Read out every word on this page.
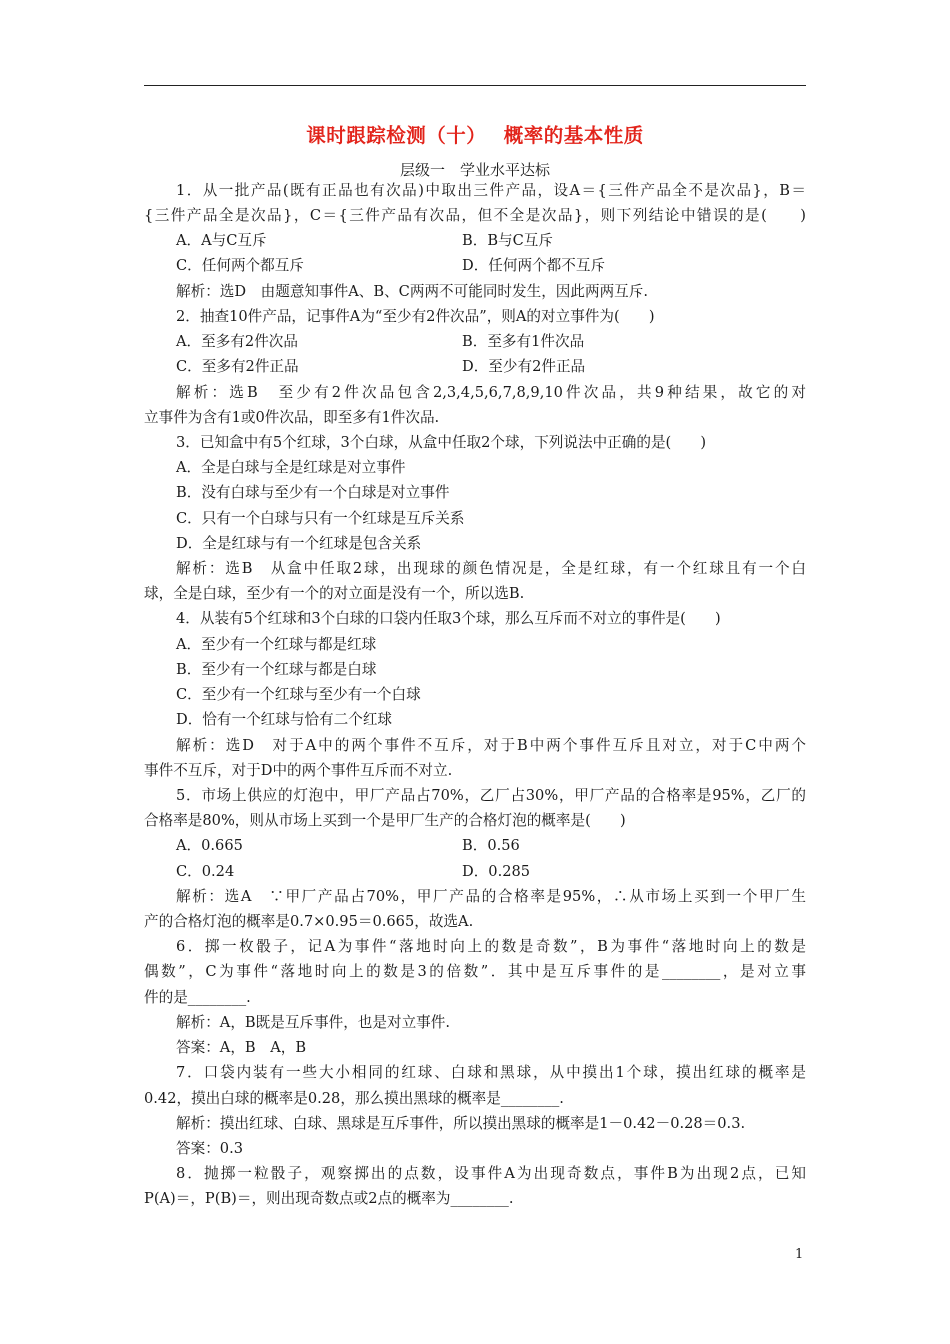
课时跟踪检测（十）　 概率的基本性质
层级一　学业水平达标
1．从一批产品(既有正品也有次品)中取出三件产品，设A＝{三件产品全不是次品}，B＝
{三件产品全是次品}，C＝{三件产品有次品，但不全是次品}，则下列结论中错误的是(　　)
A．A与C互斥	B．B与C互斥
C．任何两个都互斥	D．任何两个都不互斥
解析：选D　由题意知事件A、B、C两两不可能同时发生，因此两两互斥.
2．抽查10件产品，记事件A为“至少有2件次品”，则A的对立事件为(　　)
A．至多有2件次品	B．至多有1件次品
C．至多有2件正品	D．至少有2件正品
解析：选B　至少有2件次品包含2,3,4,5,6,7,8,9,10件次品，共9种结果，故它的对
立事件为含有1或0件次品，即至多有1件次品.
3．已知盒中有5个红球，3个白球，从盒中任取2个球，下列说法中正确的是(　　)
A．全是白球与全是红球是对立事件
B．没有白球与至少有一个白球是对立事件
C．只有一个白球与只有一个红球是互斥关系
D．全是红球与有一个红球是包含关系
解析：选B　从盒中任取2球，出现球的颜色情况是，全是红球，有一个红球且有一个白
球，全是白球，至少有一个的对立面是没有一个，所以选B.
4．从装有5个红球和3个白球的口袋内任取3个球，那么互斥而不对立的事件是(　　)
A．至少有一个红球与都是红球
B．至少有一个红球与都是白球
C．至少有一个红球与至少有一个白球
D．恰有一个红球与恰有二个红球
解析：选D　对于A中的两个事件不互斥，对于B中两个事件互斥且对立，对于C中两个
事件不互斥，对于D中的两个事件互斥而不对立.
5．市场上供应的灯泡中，甲厂产品占70%，乙厂占30%，甲厂产品的合格率是95%，乙厂的
合格率是80%，则从市场上买到一个是甲厂生产的合格灯泡的概率是(　　)
A．0.665	B．0.56
C．0.24	D．0.285
解析：选A　∵甲厂产品占70%，甲厂产品的合格率是95%，∴从市场上买到一个甲厂生
产的合格灯泡的概率是0.7×0.95＝0.665，故选A.
6．掷一枚骰子，记A为事件“落地时向上的数是奇数”，B为事件“落地时向上的数是
偶数”，C为事件“落地时向上的数是3的倍数”．其中是互斥事件的是________，是对立事
件的是________.
解析：A，B既是互斥事件，也是对立事件.
答案：A，B　A，B
7．口袋内装有一些大小相同的红球、白球和黑球，从中摸出1个球，摸出红球的概率是
0.42，摸出白球的概率是0.28，那么摸出黑球的概率是________.
解析：摸出红球、白球、黑球是互斥事件，所以摸出黑球的概率是1－0.42－0.28＝0.3.
答案：0.3
8．抛掷一粒骰子，观察掷出的点数，设事件A为出现奇数点，事件B为出现2点，已知
P(A)＝，P(B)＝，则出现奇数点或2点的概率为________.
1
